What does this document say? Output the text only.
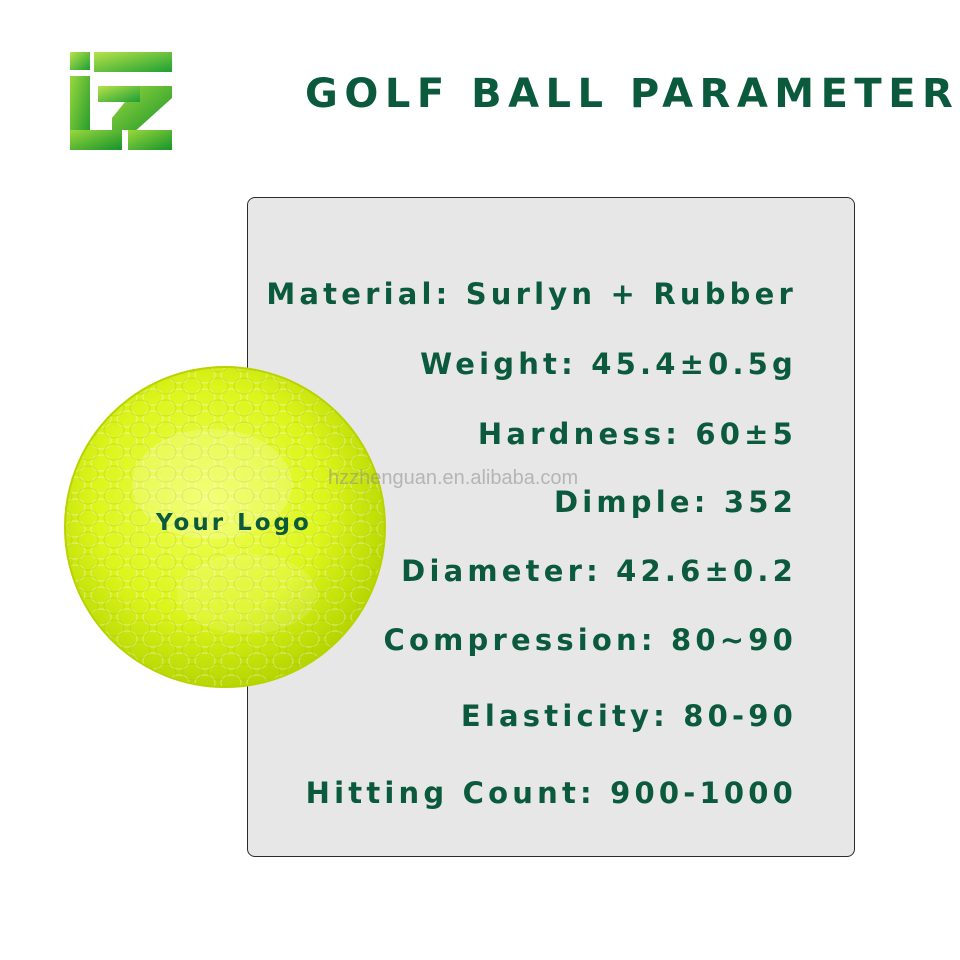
GOLF BALL PARAMETER
Material: Surlyn + Rubber
Weight: 45.4±0.5g
Hardness: 60±5
Dimple: 352
Diameter: 42.6±0.2
Compression: 80~90
Elasticity: 80-90
Hitting Count: 900-1000
Your Logo
hzzhenguan.en.alibaba.com
